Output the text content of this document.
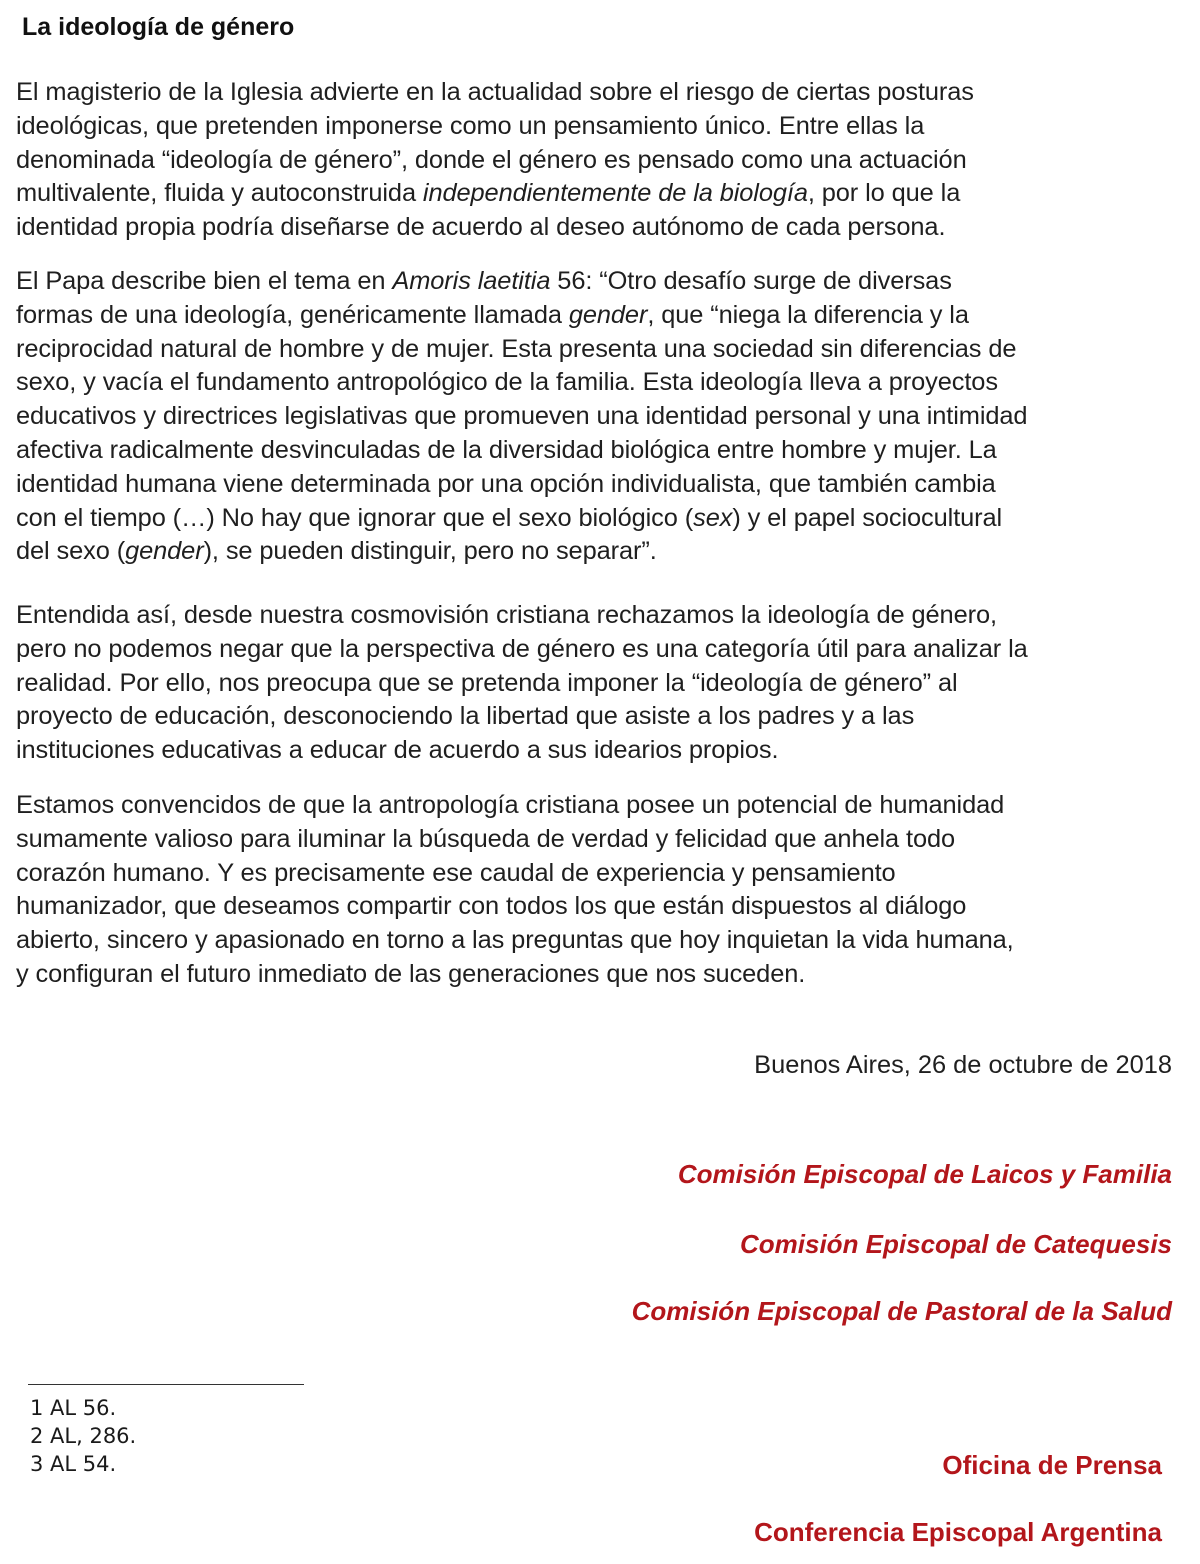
La ideología de género

El magisterio de la Iglesia advierte en la actualidad sobre el riesgo de ciertas posturas
ideológicas, que pretenden imponerse como un pensamiento único. Entre ellas la
denominada “ideología de género”, donde el género es pensado como una actuación
multivalente, fluida y autoconstruida independientemente de la biología, por lo que la
identidad propia podría diseñarse de acuerdo al deseo autónomo de cada persona.

El Papa describe bien el tema en Amoris laetitia 56: “Otro desafío surge de diversas
formas de una ideología, genéricamente llamada gender, que “niega la diferencia y la
reciprocidad natural de hombre y de mujer. Esta presenta una sociedad sin diferencias de
sexo, y vacía el fundamento antropológico de la familia. Esta ideología lleva a proyectos
educativos y directrices legislativas que promueven una identidad personal y una intimidad
afectiva radicalmente desvinculadas de la diversidad biológica entre hombre y mujer. La
identidad humana viene determinada por una opción individualista, que también cambia
con el tiempo (…) No hay que ignorar que el sexo biológico (sex) y el papel sociocultural
del sexo (gender), se pueden distinguir, pero no separar”.

Entendida así, desde nuestra cosmovisión cristiana rechazamos la ideología de género,
pero no podemos negar que la perspectiva de género es una categoría útil para analizar la
realidad. Por ello, nos preocupa que se pretenda imponer la “ideología de género” al
proyecto de educación, desconociendo la libertad que asiste a los padres y a las
instituciones educativas a educar de acuerdo a sus idearios propios.

Estamos convencidos de que la antropología cristiana posee un potencial de humanidad
sumamente valioso para iluminar la búsqueda de verdad y felicidad que anhela todo
corazón humano. Y es precisamente ese caudal de experiencia y pensamiento
humanizador, que deseamos compartir con todos los que están dispuestos al diálogo
abierto, sincero y apasionado en torno a las preguntas que hoy inquietan la vida humana,
y configuran el futuro inmediato de las generaciones que nos suceden.

Buenos Aires, 26 de octubre de 2018

Comisión Episcopal de Laicos y Familia

Comisión Episcopal de Catequesis

Comisión Episcopal de Pastoral de la Salud

1 AL 56.
2 AL, 286.
3 AL 54.	Oficina de Prensa

Conferencia Episcopal Argentina
